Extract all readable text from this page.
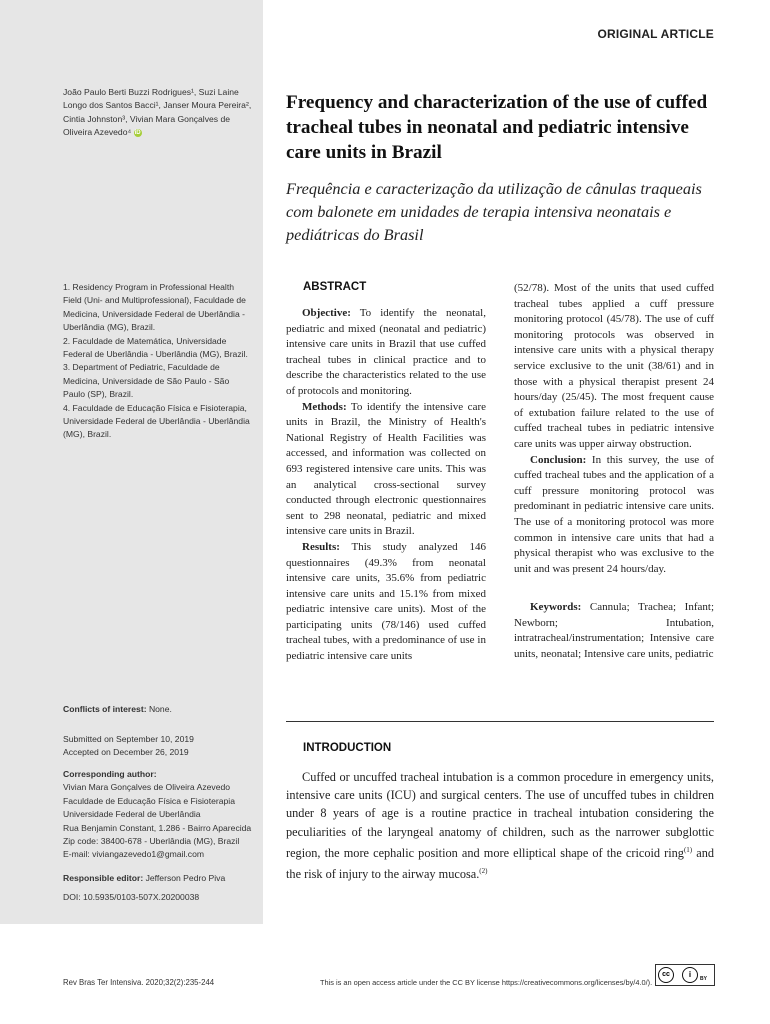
ORIGINAL ARTICLE
João Paulo Berti Buzzi Rodrigues¹, Suzi Laine Longo dos Santos Bacci¹, Janser Moura Pereira², Cintia Johnston³, Vivian Mara Gonçalves de Oliveira Azevedo⁴ iD
Frequency and characterization of the use of cuffed tracheal tubes in neonatal and pediatric intensive care units in Brazil
Frequência e caracterização da utilização de cânulas traqueais com balonete em unidades de terapia intensiva neonatais e pediátricas do Brasil
1. Residency Program in Professional Health Field (Uni- and Multiprofessional), Faculdade de Medicina, Universidade Federal de Uberlândia - Uberlândia (MG), Brazil.
2. Faculdade de Matemática, Universidade Federal de Uberlândia - Uberlândia (MG), Brazil.
3. Department of Pediatric, Faculdade de Medicina, Universidade de São Paulo - São Paulo (SP), Brazil.
4. Faculdade de Educação Física e Fisioterapia, Universidade Federal de Uberlândia - Uberlândia (MG), Brazil.
Conflicts of interest: None.
Submitted on September 10, 2019
Accepted on December 26, 2019
Corresponding author:
Vivian Mara Gonçalves de Oliveira Azevedo
Faculdade de Educação Física e Fisioterapia
Universidade Federal de Uberlândia
Rua Benjamin Constant, 1.286 - Bairro Aparecida
Zip code: 38400-678 - Uberlândia (MG), Brazil
E-mail: viviangazevedo1@gmail.com
Responsible editor: Jefferson Pedro Piva
DOI: 10.5935/0103-507X.20200038
ABSTRACT

Objective: To identify the neonatal, pediatric and mixed (neonatal and pediatric) intensive care units in Brazil that use cuffed tracheal tubes in clinical practice and to describe the characteristics related to the use of protocols and monitoring.

Methods: To identify the intensive care units in Brazil, the Ministry of Health's National Registry of Health Facilities was accessed, and information was collected on 693 registered intensive care units. This was an analytical cross-sectional survey conducted through electronic questionnaires sent to 298 neonatal, pediatric and mixed intensive care units in Brazil.

Results: This study analyzed 146 questionnaires (49.3% from neonatal intensive care units, 35.6% from pediatric intensive care units and 15.1% from mixed pediatric intensive care units). Most of the participating units (78/146) used cuffed tracheal tubes, with a predominance of use in pediatric intensive care units

(52/78). Most of the units that used cuffed tracheal tubes applied a cuff pressure monitoring protocol (45/78). The use of cuff monitoring protocols was observed in intensive care units with a physical therapy service exclusive to the unit (38/61) and in those with a physical therapist present 24 hours/day (25/45). The most frequent cause of extubation failure related to the use of cuffed tracheal tubes in pediatric intensive care units was upper airway obstruction.

Conclusion: In this survey, the use of cuffed tracheal tubes and the application of a cuff pressure monitoring protocol was predominant in pediatric intensive care units. The use of a monitoring protocol was more common in intensive care units that had a physical therapist who was exclusive to the unit and was present 24 hours/day.

Keywords: Cannula; Trachea; Infant; Newborn; Intubation, intratracheal/instrumentation; Intensive care units, neonatal; Intensive care units, pediatric

INTRODUCTION

Cuffed or uncuffed tracheal intubation is a common procedure in emergency units, intensive care units (ICU) and surgical centers. The use of uncuffed tubes in children under 8 years of age is a routine practice in tracheal intubation considering the peculiarities of the laryngeal anatomy of children, such as the narrower subglottic region, the more cephalic position and more elliptical shape of the cricoid ring$^{(1)}$ and the risk of injury to the airway mucosa.$^{(2)}$

Rev Bras Ter Intensiva. 2020;32(2):235-244	This is an open access article under the CC BY license https://creativecommons.org/licenses/by/4.0/).
cc	i	BY
